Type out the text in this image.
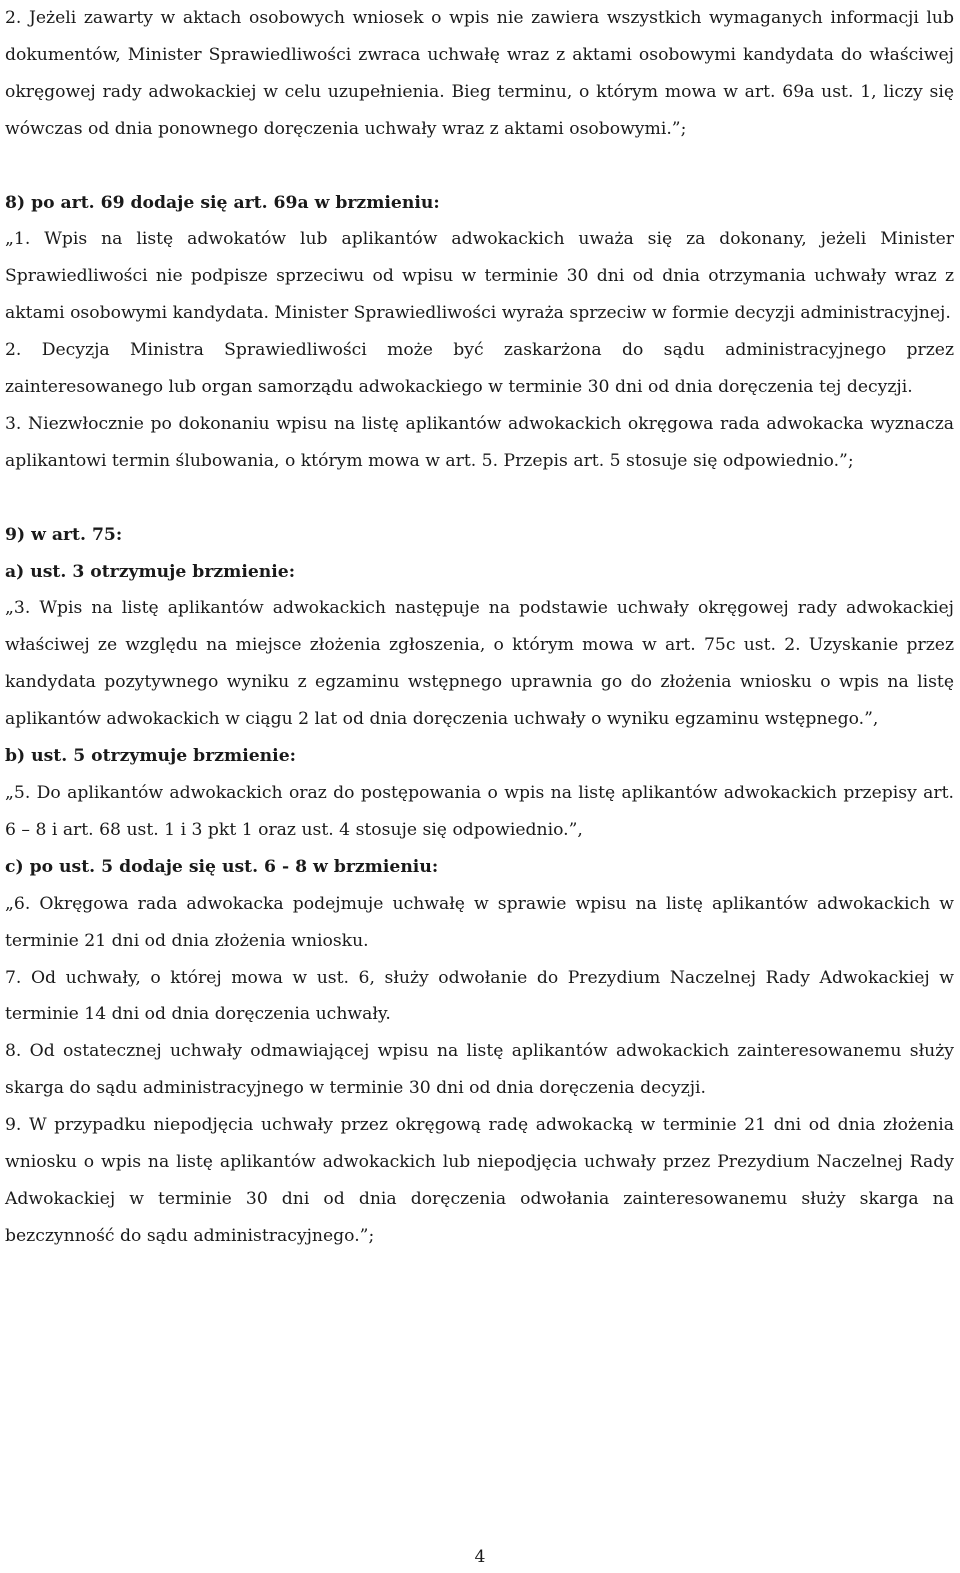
2. Jeżeli zawarty w aktach osobowych wniosek o wpis nie zawiera wszystkich wymaganych informacji lub dokumentów, Minister Sprawiedliwości zwraca uchwałę wraz z aktami osobowymi kandydata do właściwej okręgowej rady adwokackiej w celu uzupełnienia. Bieg terminu, o którym mowa w art. 69a ust. 1, liczy się wówczas od dnia ponownego doręczenia uchwały wraz z aktami osobowymi.”;

8) po art. 69 dodaje się art. 69a w brzmieniu:

„1. Wpis na listę adwokatów lub aplikantów adwokackich uważa się za dokonany, jeżeli Minister Sprawiedliwości nie podpisze sprzeciwu od wpisu w terminie 30 dni od dnia otrzymania uchwały wraz z aktami osobowymi kandydata. Minister Sprawiedliwości wyraża sprzeciw w formie decyzji administracyjnej.

2. Decyzja Ministra Sprawiedliwości może być zaskarżona do sądu administracyjnego przez zainteresowanego lub organ samorządu adwokackiego w terminie 30 dni od dnia doręczenia tej decyzji.

3. Niezwłocznie po dokonaniu wpisu na listę aplikantów adwokackich okręgowa rada adwokacka wyznacza aplikantowi termin ślubowania, o którym mowa w art. 5. Przepis art. 5 stosuje się odpowiednio.”;

9) w art. 75:

a) ust. 3 otrzymuje brzmienie:

„3. Wpis na listę aplikantów adwokackich następuje na podstawie uchwały okręgowej rady adwokackiej właściwej ze względu na miejsce złożenia zgłoszenia, o którym mowa w art. 75c ust. 2. Uzyskanie przez kandydata pozytywnego wyniku z egzaminu wstępnego uprawnia go do złożenia wniosku o wpis na listę aplikantów adwokackich w ciągu 2 lat od dnia doręczenia uchwały o wyniku egzaminu wstępnego.”,

b) ust. 5 otrzymuje brzmienie:

„5. Do aplikantów adwokackich oraz do postępowania o wpis na listę aplikantów adwokackich przepisy art. 6 – 8 i art. 68 ust. 1 i 3 pkt 1 oraz ust. 4 stosuje się odpowiednio.”,

c) po ust. 5 dodaje się ust. 6 - 8 w brzmieniu:

„6. Okręgowa rada adwokacka podejmuje uchwałę w sprawie wpisu na listę aplikantów adwokackich w terminie 21 dni od dnia złożenia wniosku.

7. Od uchwały, o której mowa w ust. 6, służy odwołanie do Prezydium Naczelnej Rady Adwokackiej w terminie 14 dni od dnia doręczenia uchwały.

8. Od ostatecznej uchwały odmawiającej wpisu na listę aplikantów adwokackich zainteresowanemu służy skarga do sądu administracyjnego w terminie 30 dni od dnia doręczenia decyzji.

9. W przypadku niepodjęcia uchwały przez okręgową radę adwokacką w terminie 21 dni od dnia złożenia wniosku o wpis na listę aplikantów adwokackich lub niepodjęcia uchwały przez Prezydium Naczelnej Rady Adwokackiej w terminie 30 dni od dnia doręczenia odwołania zainteresowanemu służy skarga na bezczynność do sądu administracyjnego.”;

4
